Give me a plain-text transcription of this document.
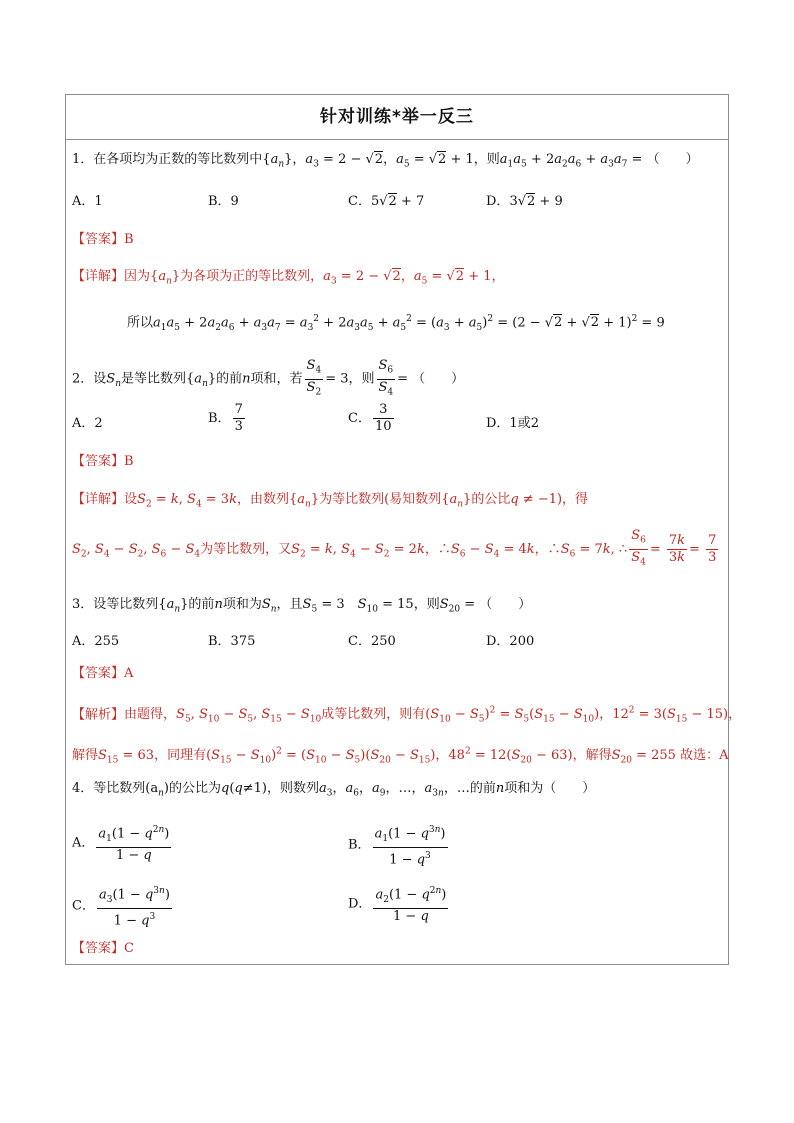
针对训练*举一反三
1．在各项均为正数的等比数列中$\{a_n\}$，$a_3 = 2 - √2$，$a_5 = √2 + 1$，则$a_1a_5 + 2a_2a_6 + a_3a_7$ = （　　）
A．1	B．9	C．5√2 + 7	D．3√2 + 9
【答案】B
【详解】因为$\{a_n\}$为各项为正的等比数列，$a_3 = 2 - √2$，$a_5 = √2 + 1$，
所以$a_1a_5 + 2a_2a_6 + a_3a_7 = a_3^2 + 2a_3a_5 + a_5^2 = (a_3 + a_5)^2 = (2 - √2 + √2 + 1)^2 = 9$
2．设$S_n$是等比数列$\{a_n\}$的前n项和，若 $\frac{S_4}{S_2} = 3$，则 $\frac{S_6}{S_4}$ = （　　）
A．2	B． $\frac{7}{3}$	C． $\frac{3}{10}$	D．1或2
【答案】B
【详解】设$S_2 = k$, $S_4 = 3k$，由数列$\{a_n\}$为等比数列(易知数列$\{a_n\}$的公比q ≠ −1)，得
$S_2$, $S_4 - S_2$, $S_6 - S_4$为等比数列，又$S_2 = k$, $S_4 - S_2 = 2k$，$\therefore S_6 - S_4 = 4k$，$\therefore S_6 = 7k$, ∴ $\frac{S_6}{S_4} = \frac{7k}{3k} = \frac{7}{3}$
3．设等比数列$\{a_n\}$的前n项和为$S_n$，且$S_5 = 3$　$S_{10} = 15$，则$S_{20}$ = （　　）
A．255	B．375	C．250	D．200
【答案】A
【解析】由题得，$S_5$, $S_{10} - S_5$, $S_{15} - S_{10}$成等比数列，则有$(S_{10} - S_5)^2 = S_5(S_{15} - S_{10})$，$12^2 = 3(S_{15} - 15)$，
解得$S_{15} = 63$，同理有$(S_{15} - S_{10})^2 = (S_{10} - S_5)(S_{20} - S_{15})$，$48^2 = 12(S_{20} - 63)$，解得$S_{20} = 255$ 故选：A
4．等比数列$(a_n)$的公比为q(q≠1)，则数列$a_3$，$a_6$，$a_9$，…，$a_{3n}$，…的前n项和为（　　）
A． $\frac{a_1(1 - q^{2n})}{1 - q}$	B． $\frac{a_1(1 - q^{3n})}{1 - q^3}$
C． $\frac{a_3(1 - q^{3n})}{1 - q^3}$	D． $\frac{a_2(1 - q^{2n})}{1 - q}$
【答案】C
